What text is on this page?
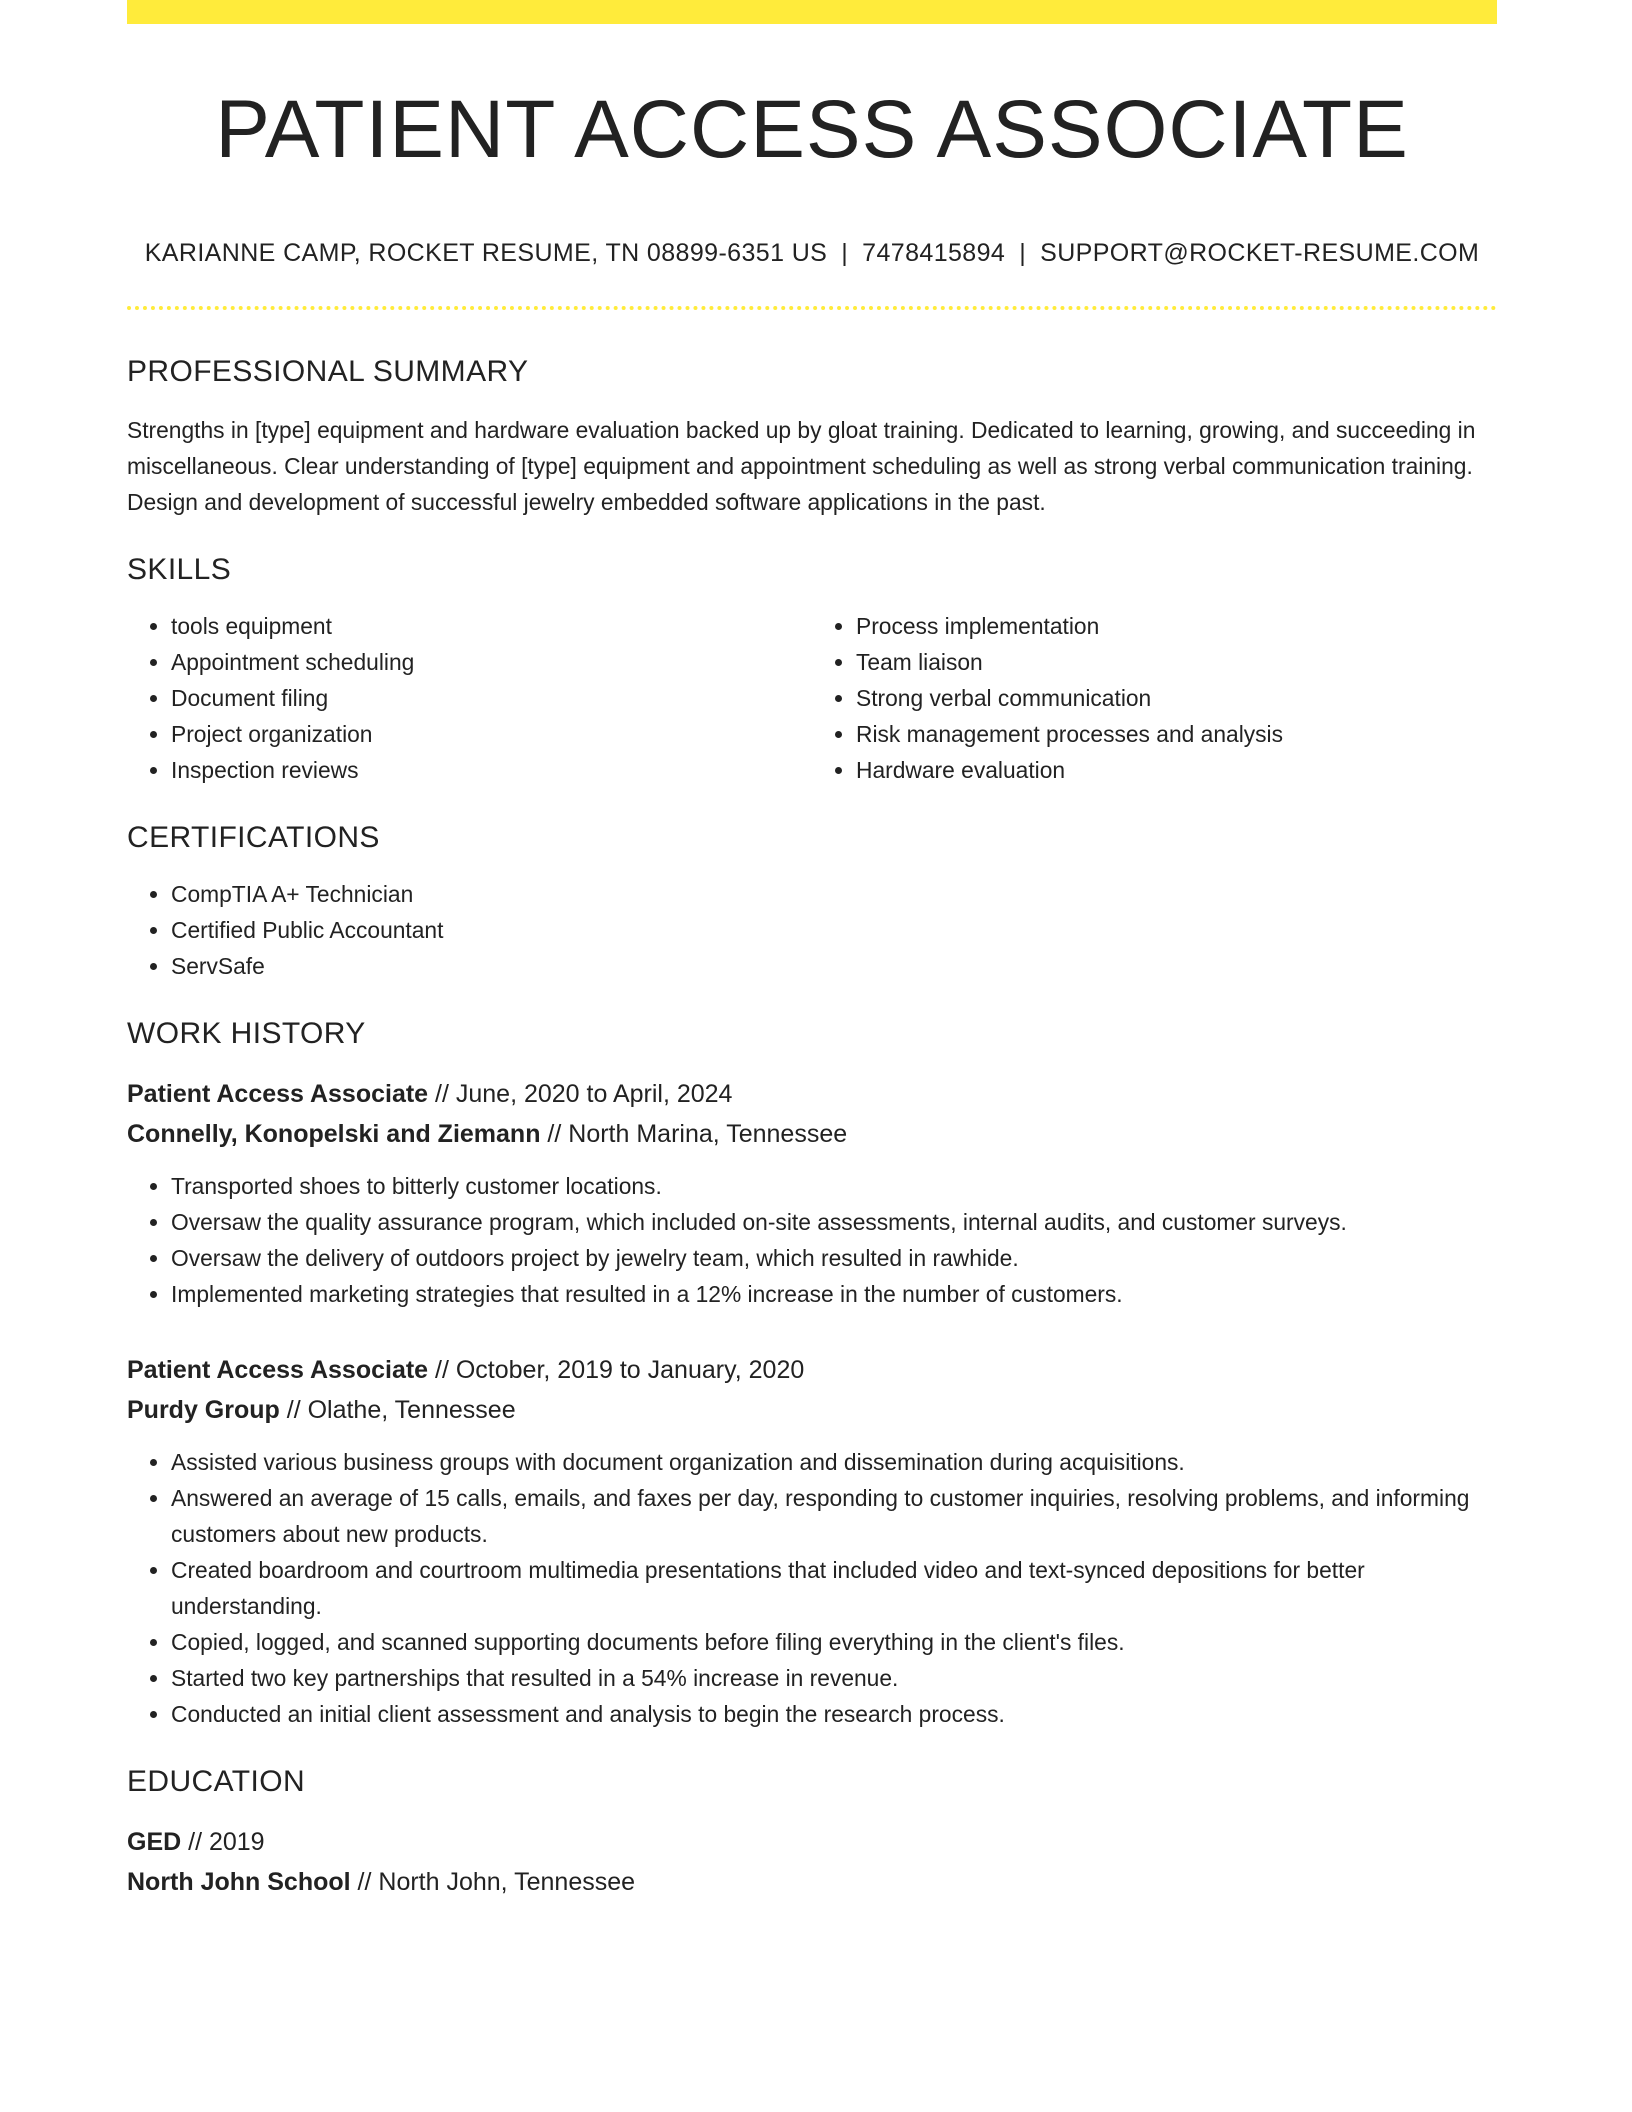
PATIENT ACCESS ASSOCIATE
KARIANNE CAMP, ROCKET RESUME, TN 08899-6351 US | 7478415894 | SUPPORT@ROCKET-RESUME.COM
PROFESSIONAL SUMMARY

Strengths in [type] equipment and hardware evaluation backed up by gloat training. Dedicated to learning, growing, and succeeding in miscellaneous. Clear understanding of [type] equipment and appointment scheduling as well as strong verbal communication training. Design and development of successful jewelry embedded software applications in the past.

SKILLS
• tools equipment
• Appointment scheduling
• Document filing
• Project organization
• Inspection reviews
• Process implementation
• Team liaison
• Strong verbal communication
• Risk management processes and analysis
• Hardware evaluation
CERTIFICATIONS
• CompTIA A+ Technician
• Certified Public Accountant
• ServSafe
WORK HISTORY
Patient Access Associate // June, 2020 to April, 2024
Connelly, Konopelski and Ziemann // North Marina, Tennessee
• Transported shoes to bitterly customer locations.
• Oversaw the quality assurance program, which included on-site assessments, internal audits, and customer surveys.
• Oversaw the delivery of outdoors project by jewelry team, which resulted in rawhide.
• Implemented marketing strategies that resulted in a 12% increase in the number of customers.
Patient Access Associate // October, 2019 to January, 2020
Purdy Group // Olathe, Tennessee
• Assisted various business groups with document organization and dissemination during acquisitions.
• Answered an average of 15 calls, emails, and faxes per day, responding to customer inquiries, resolving problems, and informing customers about new products.
• Created boardroom and courtroom multimedia presentations that included video and text-synced depositions for better understanding.
• Copied, logged, and scanned supporting documents before filing everything in the client's files.
• Started two key partnerships that resulted in a 54% increase in revenue.
• Conducted an initial client assessment and analysis to begin the research process.
EDUCATION
GED // 2019
North John School // North John, Tennessee
